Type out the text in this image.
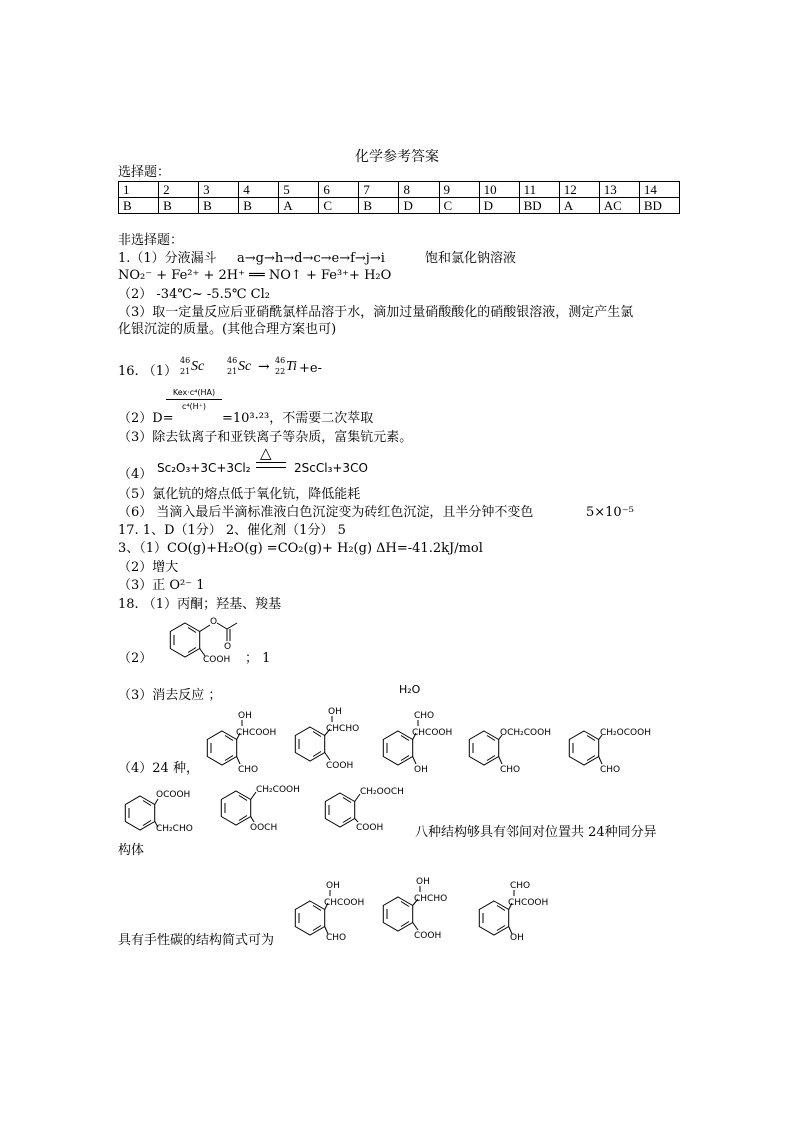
化学参考答案
选择题：
1	2	3	4	5	6	7	8	9	10	11	12	13	14
B	B	B	B	A	C	B	D	C	D	BD	A	AC	BD
非选择题：
1.（1）分液漏斗 a→g→h→d→c→e→f→j→i	饱和氯化钠溶液
NO₂⁻ + Fe²⁺ + 2H⁺ ══ NO↑ + Fe³⁺+ H₂O
（2） -34℃~ -5.5℃ Cl₂
（3）取一定量反应后亚硝酰氯样品溶于水，滴加过量硝酸酸化的硝酸银溶液，测定产生氯
化银沉淀的质量。(其他合理方案也可)
16. （1）
46
21 Sc	46
21 Sc → 46
22 Ti +e-
Kex·c⁴(HA)
c⁴(H⁺)
（2）D=	=10³·²³，不需要二次萃取
（3）除去钛离子和亚铁离子等杂质，富集钪元素。
（4） Sc₂O₃+3C+3Cl₂
△
2ScCl₃+3CO
（5）氯化钪的熔点低于氧化钪，降低能耗
（6） 当滴入最后半滴标准液白色沉淀变为砖红色沉淀，且半分钟不变色	5×10⁻⁵
17. 1、D（1分） 2、催化剂（1分） 5
3、（1）CO(g)+H₂O(g) =CO₂(g)+ H₂(g) ΔH=-41.2kJ/mol
（2）增大
（3）正 O²⁻ 1
18. （1）丙酮；羟基、羧基
（2）
O
O
COOH ； 1
（3）消去反应 ；	H₂O
（4）24 种，
CHCOOH
OH
CHO
CHCHO
OH
COOH
CHCOOH
CHO
OH
OCH₂COOH
CHO
CH₂OCOOH
CHO
OCOOH
CH₂CHO
CH₂COOH
OOCH
CH₂OOCH
COOH 八种结构够具有邻间对位置共 24种同分异
构体
CHCOOH
OH
CHO
CHCHO
OH
COOH
CHCOOH
CHO
OH
具有手性碳的结构简式可为
